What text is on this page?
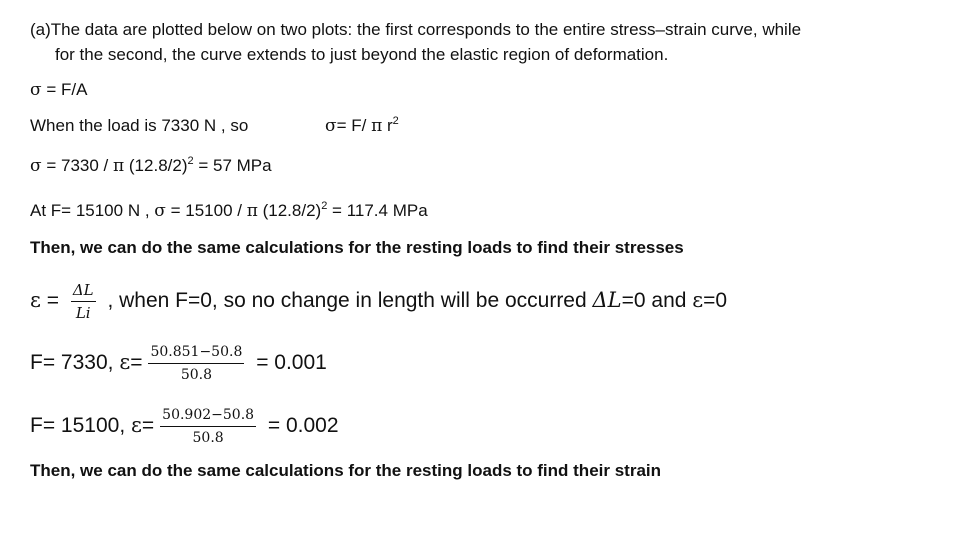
(a)The data are plotted below on two plots: the first corresponds to the entire stress–strain curve, while
for the second, the curve extends to just beyond the elastic region of deformation.
σ = F/A
When the load is 7330 N , so	σ= F/ π $r^2$
σ = 7330 / π $(12.8/2)^2 = 57$ MPa
At F= 15100 N , σ = 15100 / π $(12.8/2)^2 = 117.4$ MPa
Then, we can do the same calculations for the resting loads to find their stresses
$\varepsilon = \frac{\Delta L}{Li}$ , when F=0, so no change in length will be occurred ΔL=0 and ε=0
F= 7330, $\varepsilon= \frac{50.851-50.8}{50.8} = 0.001$
F= 15100, $\varepsilon= \frac{50.902-50.8}{50.8} = 0.002$
Then, we can do the same calculations for the resting loads to find their strain
